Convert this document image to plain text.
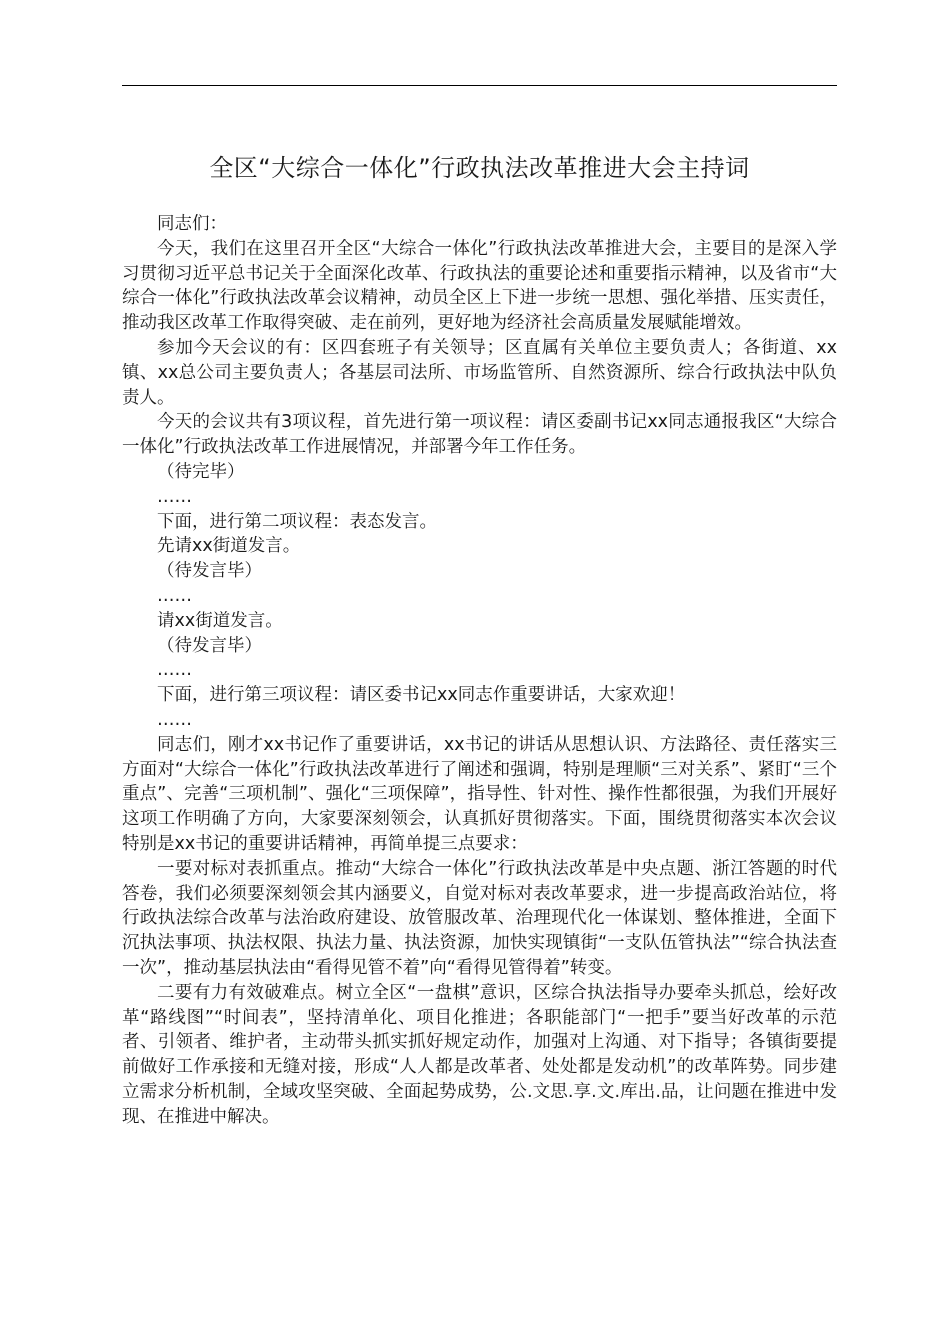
全区“大综合一体化”行政执法改革推进大会主持词

同志们：

今天，我们在这里召开全区“大综合一体化”行政执法改革推进大会，主要目的是深入学习贯彻习近平总书记关于全面深化改革、行政执法的重要论述和重要指示精神，以及省市“大综合一体化”行政执法改革会议精神，动员全区上下进一步统一思想、强化举措、压实责任，推动我区改革工作取得突破、走在前列，更好地为经济社会高质量发展赋能增效。

参加今天会议的有：区四套班子有关领导；区直属有关单位主要负责人；各街道、xx镇、xx总公司主要负责人；各基层司法所、市场监管所、自然资源所、综合行政执法中队负责人。

今天的会议共有3项议程，首先进行第一项议程：请区委副书记xx同志通报我区“大综合一体化”行政执法改革工作进展情况，并部署今年工作任务。

（待完毕）

……

下面，进行第二项议程：表态发言。

先请xx街道发言。

（待发言毕）

……

请xx街道发言。

（待发言毕）

……

下面，进行第三项议程：请区委书记xx同志作重要讲话，大家欢迎！

……

同志们，刚才xx书记作了重要讲话，xx书记的讲话从思想认识、方法路径、责任落实三方面对“大综合一体化”行政执法改革进行了阐述和强调，特别是理顺“三对关系”、紧盯“三个重点”、完善“三项机制”、强化“三项保障”，指导性、针对性、操作性都很强，为我们开展好这项工作明确了方向，大家要深刻领会，认真抓好贯彻落实。下面，围绕贯彻落实本次会议特别是xx书记的重要讲话精神，再简单提三点要求：

一要对标对表抓重点。推动“大综合一体化”行政执法改革是中央点题、浙江答题的时代答卷，我们必须要深刻领会其内涵要义，自觉对标对表改革要求，进一步提高政治站位，将行政执法综合改革与法治政府建设、放管服改革、治理现代化一体谋划、整体推进，全面下沉执法事项、执法权限、执法力量、执法资源，加快实现镇街“一支队伍管执法”“综合执法查一次”，推动基层执法由“看得见管不着”向“看得见管得着”转变。

二要有力有效破难点。树立全区“一盘棋”意识，区综合执法指导办要牵头抓总，绘好改革“路线图”“时间表”，坚持清单化、项目化推进；各职能部门“一把手”要当好改革的示范者、引领者、维护者，主动带头抓实抓好规定动作，加强对上沟通、对下指导；各镇街要提前做好工作承接和无缝对接，形成“人人都是改革者、处处都是发动机”的改革阵势。同步建立需求分析机制，全域攻坚突破、全面起势成势，公.文思.享.文.库出.品，让问题在推进中发现、在推进中解决。
